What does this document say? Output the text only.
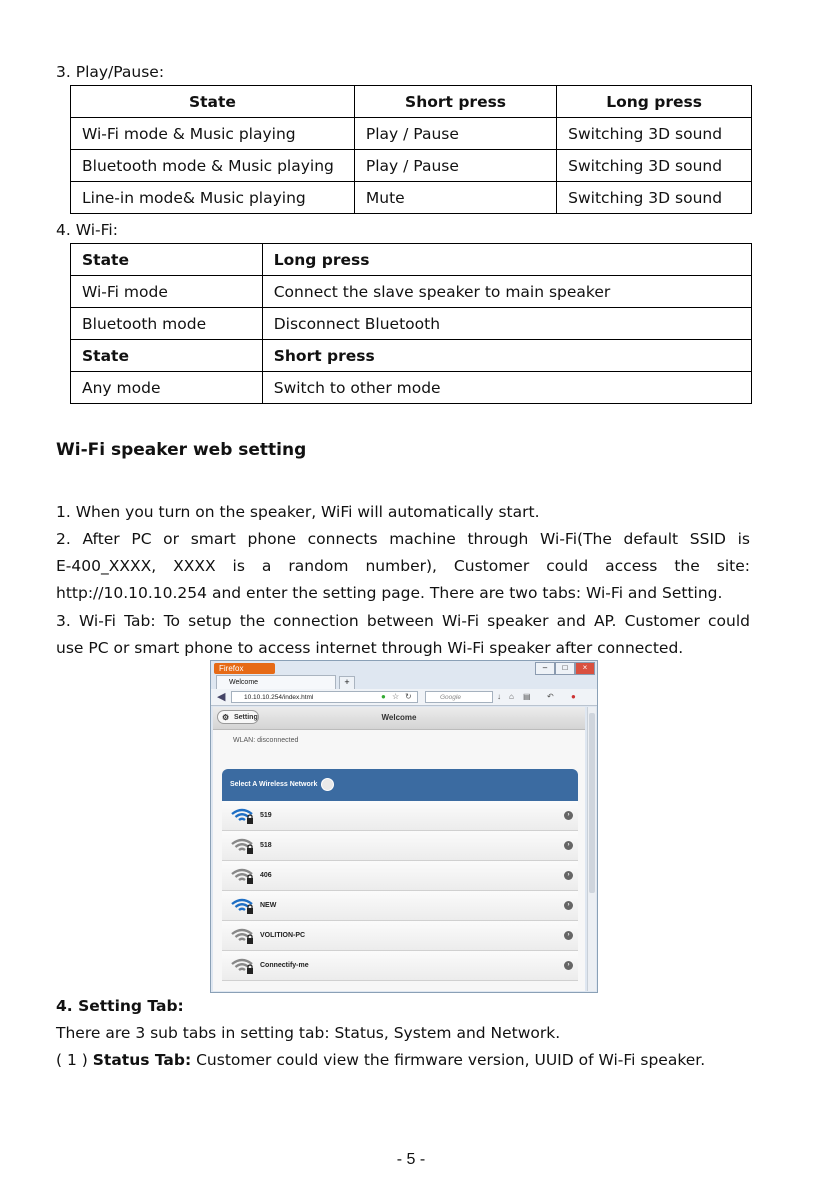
3. Play/Pause:
State	Short press	Long press
Wi-Fi mode & Music playing	Play / Pause	Switching 3D sound
Bluetooth mode & Music playing	Play / Pause	Switching 3D sound
Line-in mode& Music playing	Mute	Switching 3D sound
4. Wi-Fi:
State	Long press
Wi-Fi mode	Connect the slave speaker to main speaker
Bluetooth mode	Disconnect Bluetooth
State	Short press
Any mode	Switch to other mode
Wi-Fi speaker web setting
1. When you turn on the speaker, WiFi will automatically start.
2. After PC or smart phone connects machine through Wi-Fi(The default SSID is
E-400_XXXX, XXXX is a random number), Customer could access the site:
http://10.10.10.254 and enter the setting page. There are two tabs: Wi-Fi and Setting.
3. Wi-Fi Tab: To setup the connection between Wi-Fi speaker and AP. Customer could
use PC or smart phone to access internet through Wi-Fi speaker after connected.
Firefox	–	□	×
Welcome	+
◀	10.10.10.254/index.html	● ☆ ↻	Google	↓ ⌂ ▤ ↶ ●
⚙ Setting	Welcome
WLAN: disconnected
Select A Wireless Network
519	›
518	›
406	›
NEW	›
VOLITION-PC	›
Connectify-me	›
4. Setting Tab:
There are 3 sub tabs in setting tab: Status, System and Network.
( 1 ) Status Tab: Customer could view the firmware version, UUID of Wi-Fi speaker.
- 5 -
